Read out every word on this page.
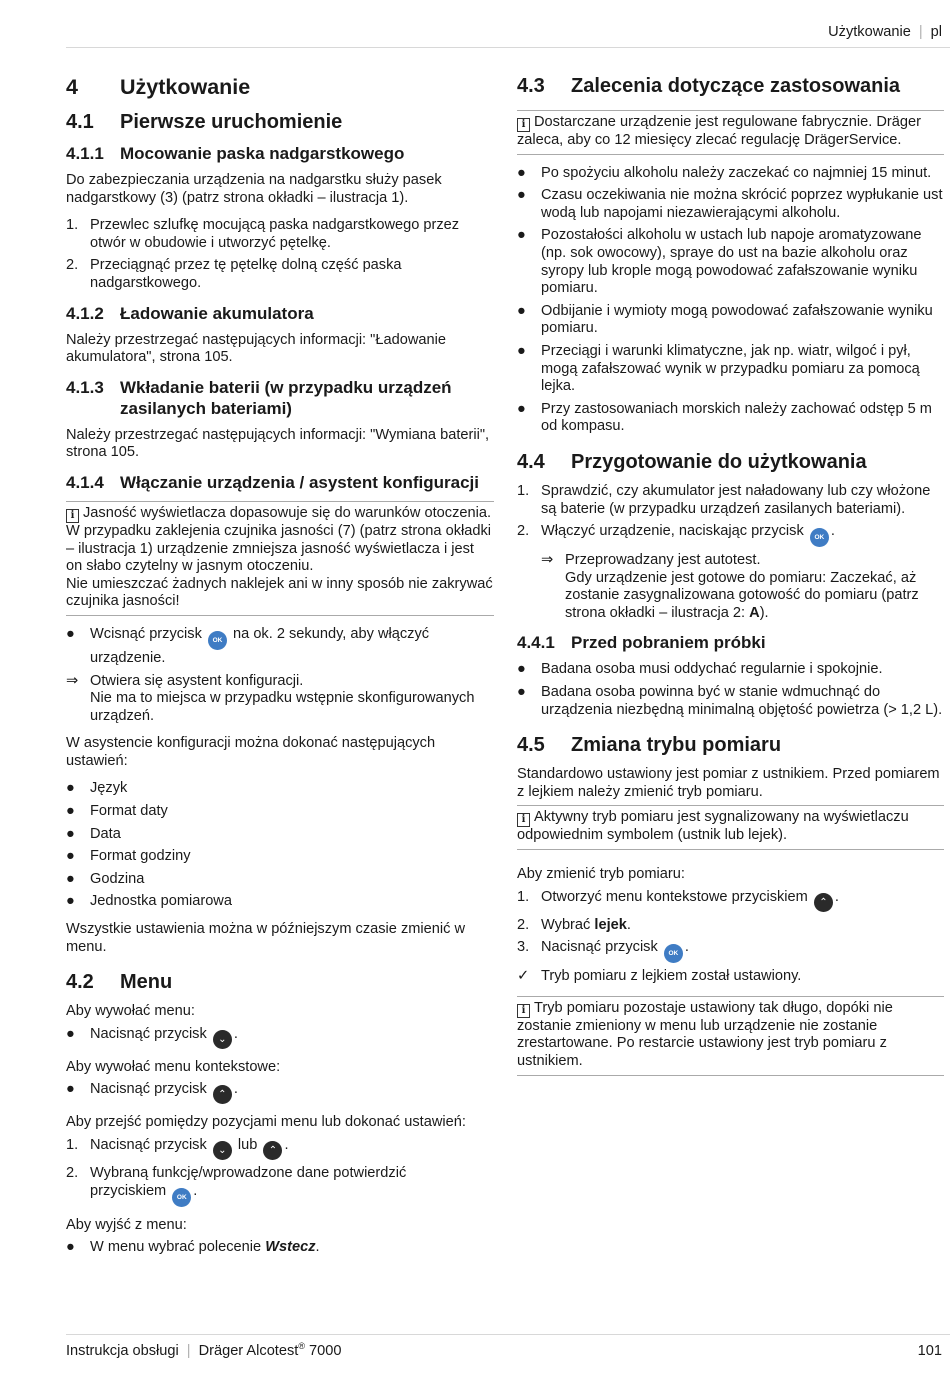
Użytkowanie | pl
4	Użytkowanie
4.1	Pierwsze uruchomienie
4.1.1 Mocowanie paska nadgarstkowego

Do zabezpieczania urządzenia na nadgarstku służy pasek nadgarstkowy (3) (patrz strona okładki – ilustracja 1).

1. Przewlec szlufkę mocującą paska nadgarstkowego przez otwór w obudowie i utworzyć pętelkę.
2. Przeciągnąć przez tę pętelkę dolną część paska nadgarstkowego.
4.1.2 Ładowanie akumulatora

Należy przestrzegać następujących informacji: "Ładowanie akumulatora", strona 105.

4.1.3 Wkładanie baterii (w przypadku urządzeń zasilanych bateriami)

Należy przestrzegać następujących informacji: "Wymiana baterii", strona 105.

4.1.4 Włączanie urządzenia / asystent konfiguracji
i Jasność wyświetlacza dopasowuje się do warunków otoczenia.
W przypadku zaklejenia czujnika jasności (7) (patrz strona okładki – ilustracja 1) urządzenie zmniejsza jasność wyświetlacza i jest on słabo czytelny w jasnym otoczeniu.
Nie umieszczać żadnych naklejek ani w inny sposób nie zakrywać czujnika jasności!
●	Wcisnąć przycisk OK na ok. 2 sekundy, aby włączyć urządzenie.
⇒ Otwiera się asystent konfiguracji.
Nie ma to miejsca w przypadku wstępnie skonfigurowanych urządzeń.

W asystencie konfiguracji można dokonać następujących ustawień:

●	Język
●	Format daty
●	Data
●	Format godziny
●	Godzina
●	Jednostka pomiarowa

Wszystkie ustawienia można w późniejszym czasie zmienić w menu.

4.2	Menu

Aby wywołać menu:

●	Nacisnąć przycisk ⌄ .

Aby wywołać menu kontekstowe:

●	Nacisnąć przycisk ⌃ .

Aby przejść pomiędzy pozycjami menu lub dokonać ustawień:

1. Nacisnąć przycisk ⌄ lub ⌃ .
2. Wybraną funkcję/wprowadzone dane potwierdzić
przyciskiem OK .

Aby wyjść z menu:

●	W menu wybrać polecenie Wstecz.
4.3	Zalecenia dotyczące zastosowania
i Dostarczane urządzenie jest regulowane fabrycznie. Dräger zaleca, aby co 12 miesięcy zlecać regulację DrägerService.
●	Po spożyciu alkoholu należy zaczekać co najmniej 15 minut.
●	Czasu oczekiwania nie można skrócić poprzez wypłukanie ust wodą lub napojami niezawierającymi alkoholu.
●	Pozostałości alkoholu w ustach lub napoje aromatyzowane (np. sok owocowy), spraye do ust na bazie alkoholu oraz syropy lub krople mogą powodować zafałszowanie wyniku pomiaru.
●	Odbijanie i wymioty mogą powodować zafałszowanie wyniku pomiaru.
●	Przeciągi i warunki klimatyczne, jak np. wiatr, wilgoć i pył, mogą zafałszować wynik w przypadku pomiaru za pomocą lejka.
●	Przy zastosowaniach morskich należy zachować odstęp 5 m od kompasu.
4.4	Przygotowanie do użytkowania
1. Sprawdzić, czy akumulator jest naładowany lub czy włożone są baterie (w przypadku urządzeń zasilanych bateriami).
2. Włączyć urządzenie, naciskając przycisk OK .
⇒ Przeprowadzany jest autotest.
Gdy urządzenie jest gotowe do pomiaru: Zaczekać, aż zostanie zasygnalizowana gotowość do pomiaru (patrz strona okładki – ilustracja 2: A).
4.4.1 Przed pobraniem próbki
●	Badana osoba musi oddychać regularnie i spokojnie.
●	Badana osoba powinna być w stanie wdmuchnąć do urządzenia niezbędną minimalną objętość powietrza (> 1,2 L).
4.5	Zmiana trybu pomiaru

Standardowo ustawiony jest pomiar z ustnikiem. Przed pomiarem z lejkiem należy zmienić tryb pomiaru.

i Aktywny tryb pomiaru jest sygnalizowany na wyświetlaczu odpowiednim symbolem (ustnik lub lejek).

Aby zmienić tryb pomiaru:

1. Otworzyć menu kontekstowe przyciskiem ⌃ .
2. Wybrać lejek.
3. Nacisnąć przycisk OK .
✓ Tryb pomiaru z lejkiem został ustawiony.
i Tryb pomiaru pozostaje ustawiony tak długo, dopóki nie zostanie zmieniony w menu lub urządzenie nie zostanie zrestartowane. Po restarcie ustawiony jest tryb pomiaru z ustnikiem.
Instrukcja obsługi | Dräger Alcotest® 7000	101
